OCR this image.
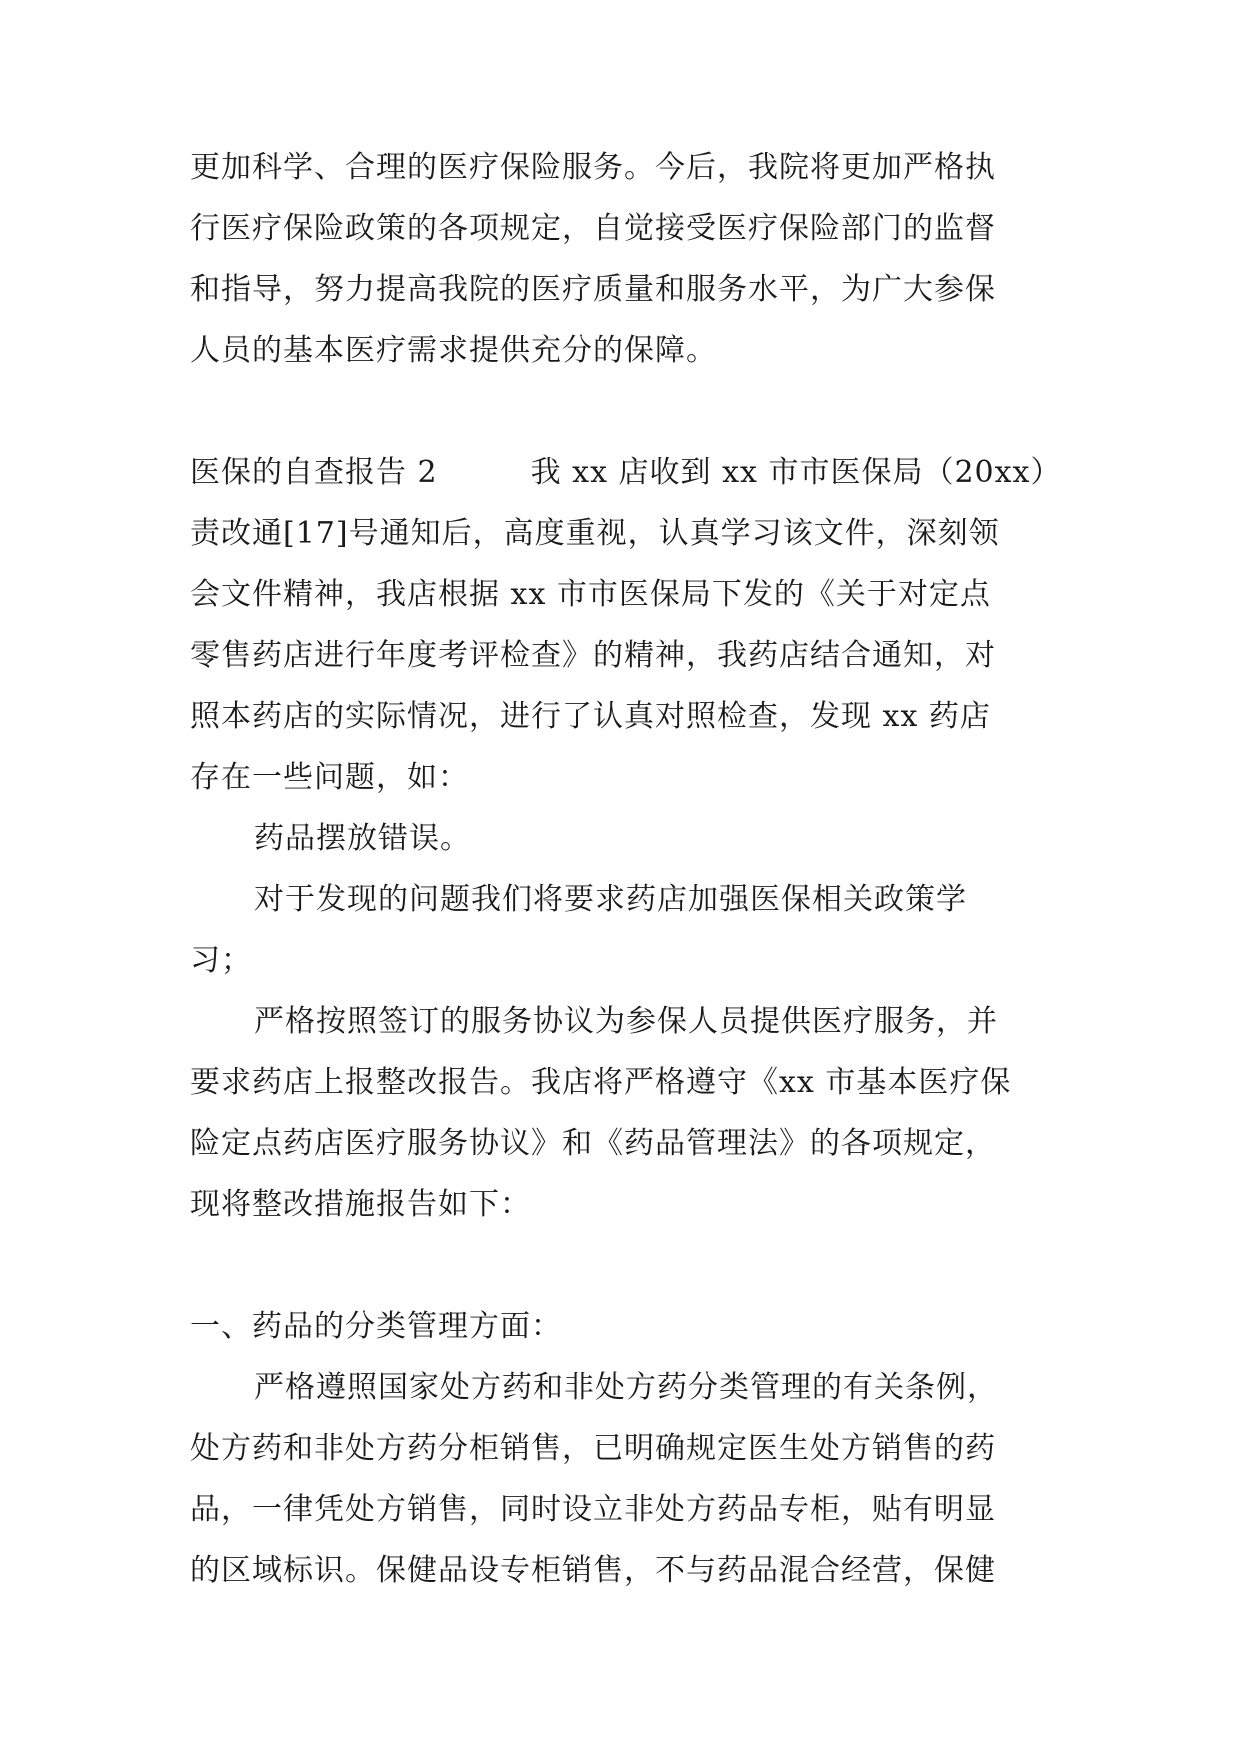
更加科学、合理的医疗保险服务。今后，我院将更加严格执
行医疗保险政策的各项规定，自觉接受医疗保险部门的监督
和指导，努力提高我院的医疗质量和服务水平，为广大参保
人员的基本医疗需求提供充分的保障。
医保的自查报告 2　　　我 xx 店收到 xx 市市医保局（20xx）
责改通[17]号通知后，高度重视，认真学习该文件，深刻领
会文件精神，我店根据 xx 市市医保局下发的《关于对定点
零售药店进行年度考评检查》的精神，我药店结合通知，对
照本药店的实际情况，进行了认真对照检查，发现 xx 药店
存在一些问题，如：
药品摆放错误。
对于发现的问题我们将要求药店加强医保相关政策学
习；
严格按照签订的服务协议为参保人员提供医疗服务，并
要求药店上报整改报告。我店将严格遵守《xx 市基本医疗保
险定点药店医疗服务协议》和《药品管理法》的各项规定，
现将整改措施报告如下：
一、药品的分类管理方面：
严格遵照国家处方药和非处方药分类管理的有关条例，
处方药和非处方药分柜销售，已明确规定医生处方销售的药
品，一律凭处方销售，同时设立非处方药品专柜，贴有明显
的区域标识。保健品设专柜销售，不与药品混合经营，保健
